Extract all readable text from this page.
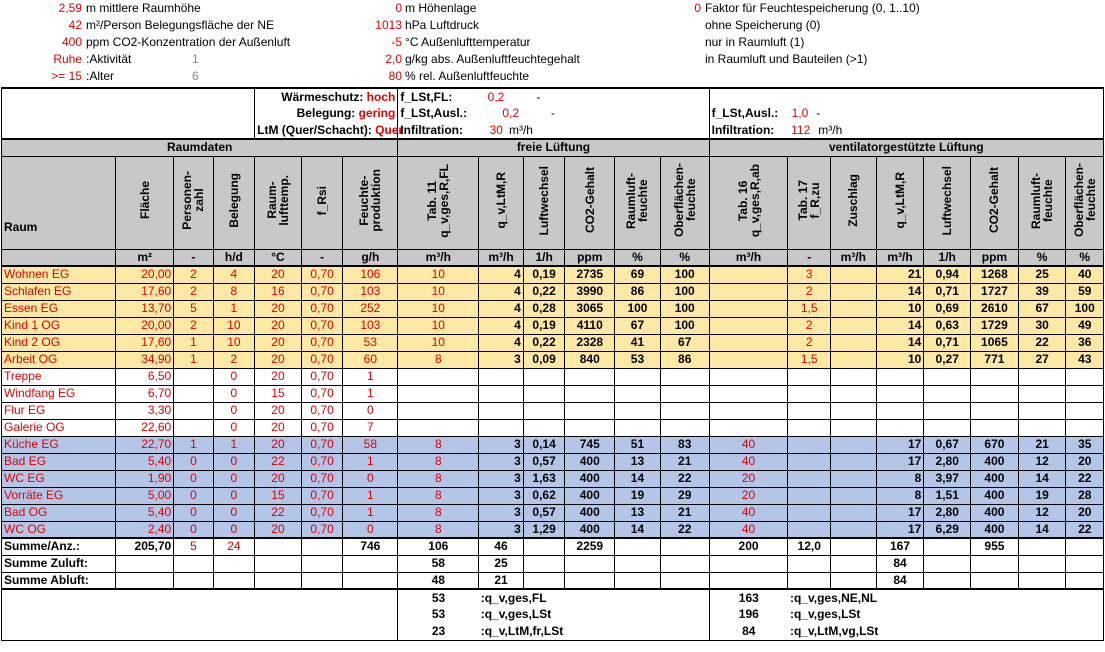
2,59 m mittlere Raumhöhe
42 m²/Person Belegungsfläche der NE
400 ppm CO2-Konzentration der Außenluft
Ruhe :Aktivität
>= 15 :Alter
1
6
0 m Höhenlage
1013 hPa Luftdruck
-5 °C Außenlufttemperatur
2,0 g/kg abs. Außenluftfeuchtegehalt
80 % rel. Außenluftfeuchte
0 Faktor für Feuchtespeicherung (0, 1..10)
ohne Speicherung (0)
nur in Raumluft (1)
in Raumluft und Bauteilen (>1)
				Wärmeschutz: hoch			f_LSt,FL: 0,2 -													
				Belegung: gering			f_LSt,Ausl.: 0,2 -						f_LSt,Ausl.: 1,0 -							
				LtM (Quer/Schacht): Quer			Infiltration: 30 m³/h						Infiltration: 112 m³/h							
Raumdaten							freie Lüftung						ventilatorgestützte Lüftung							
Raum	Fläche	Personen-
zahl	Belegung	Raum-
lufttemp.	f_Rsi	Feuchte-
produktion	Tab. 11
q_v,ges,R,FL	q_v,LtM,R	Luftwechsel	CO2-Gehalt	Raumluft-
feuchte	Oberflächen-
feuchte	Tab. 16
q_v,ges,R,ab	Tab. 17
f_R,zu	Zuschlag	q_v,LtM,R	Luftwechsel	CO2-Gehalt	Raumluft-
feuchte	Oberflächen-
feuchte
	m²	-	h/d	°C	-	g/h	m³/h	m³/h	1/h	ppm	%	%	m³/h	-	m³/h	m³/h	1/h	ppm	%	%
Wohnen EG	20,00	2	4	20	0,70	106	10	4	0,19	2735	69	100		3		21	0,94	1268	25	40
Schlafen EG	17,60	2	8	16	0,70	103	10	4	0,22	3990	86	100		2		14	0,71	1727	39	59
Essen EG	13,70	5	1	20	0,70	252	10	4	0,28	3065	100	100		1,5		10	0,69	2610	67	100
Kind 1 OG	20,00	2	10	20	0,70	103	10	4	0,19	4110	67	100		2		14	0,63	1729	30	49
Kind 2 OG	17,60	1	10	20	0,70	53	10	4	0,22	2328	41	67		2		14	0,71	1065	22	36
Arbeit OG	34,90	1	2	20	0,70	60	8	3	0,09	840	53	86		1,5		10	0,27	771	27	43
Treppe	6,50		0	20	0,70	1														
Windfang EG	6,70		0	15	0,70	1														
Flur EG	3,30		0	20	0,70	0														
Galerie OG	22,60		0	20	0,70	7														
Küche EG	22,70	1	1	20	0,70	58	8	3	0,14	745	51	83	40			17	0,67	670	21	35
Bad EG	5,40	0	0	22	0,70	1	8	3	0,57	400	13	21	40			17	2,80	400	12	20
WC EG	1,90	0	0	20	0,70	0	8	3	1,63	400	14	22	20			8	3,97	400	14	22
Vorräte EG	5,00	0	0	15	0,70	1	8	3	0,62	400	19	29	20			8	1,51	400	19	28
Bad OG	5,40	0	0	22	0,70	1	8	3	0,57	400	13	21	40			17	2,80	400	12	20
WC OG	2,40	0	0	20	0,70	0	8	3	1,29	400	14	22	40			17	6,29	400	14	22
Summe/Anz.:	205,70	5	24			746	106	46		2259			200	12,0		167		955		
Summe Zuluft:							58	25								84				
Summe Abluft:							48	21								84				
							53	:q_v,ges,FL					163	:q_v,ges,NE,NL						
							53	:q_v,ges,LSt					196	:q_v,ges,LSt						
							23	:q_v,LtM,fr,LSt					84	:q_v,LtM,vg,LSt						
